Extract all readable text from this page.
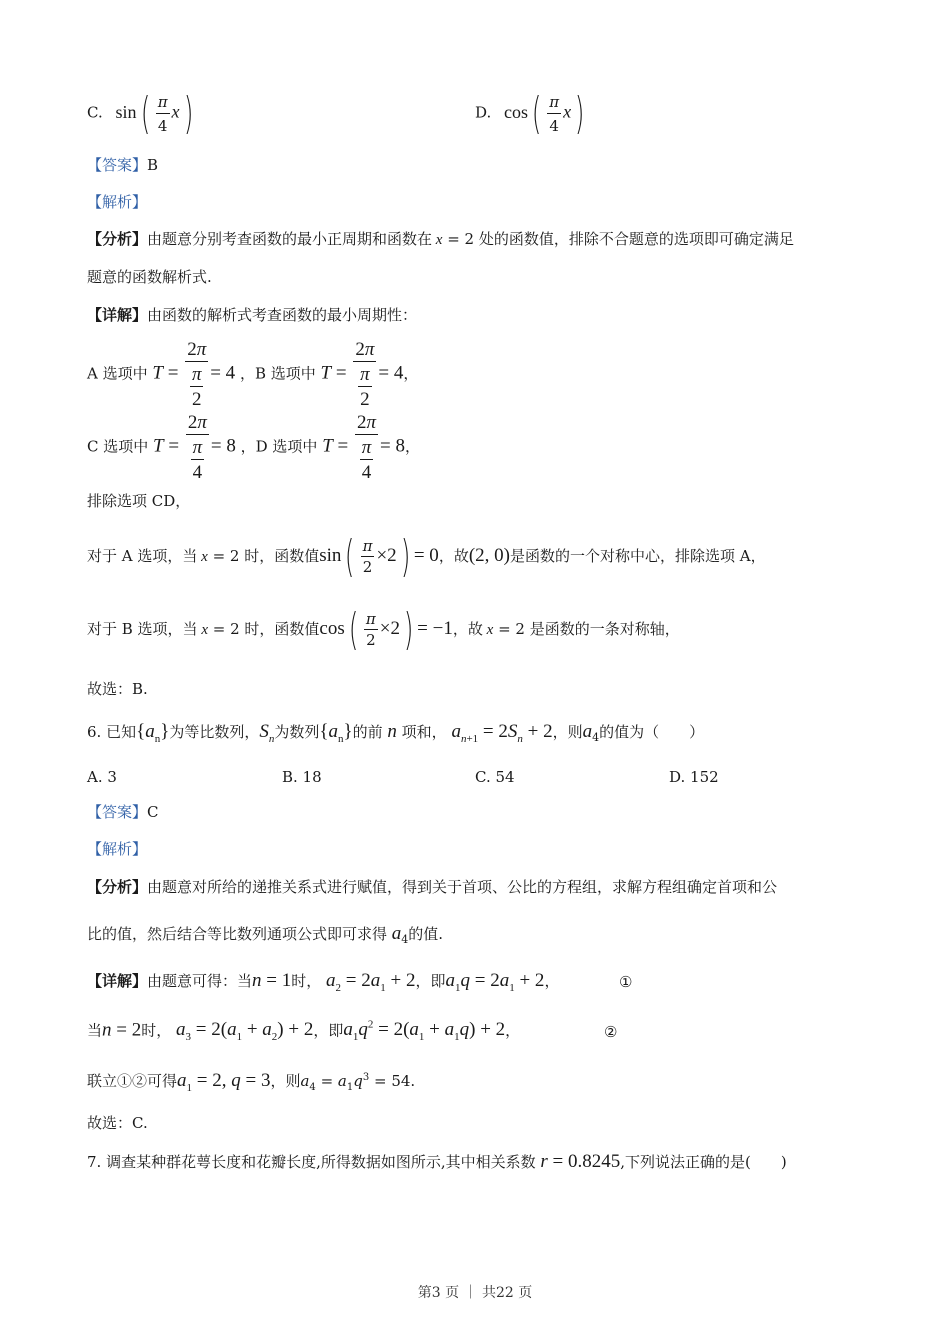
C. $\sin( \frac{\pi}{4} x)$	D. $\cos( \frac{\pi}{4} x)$
【答案】B
【解析】
【分析】由题意分别考查函数的最小正周期和函数在 x = 2 处的函数值，排除不合题意的选项即可确定满足
题意的函数解析式.
【详解】由函数的解析式考查函数的最小周期性：
A 选项中 $T = \frac{2\pi}{\frac{\pi}{2}} = 4$ ，B 选项中 $T = \frac{2\pi}{\frac{\pi}{2}} = 4$，
C 选项中 $T = \frac{2\pi}{\frac{\pi}{4}} = 8$ ，D 选项中 $T = \frac{2\pi}{\frac{\pi}{4}} = 8$，
排除选项 CD，
对于 A 选项，当 x = 2 时，函数值$\sin( \frac{\pi}{2} \times 2) = 0$，故(2, 0)是函数的一个对称中心，排除选项 A，
对于 B 选项，当 x = 2 时，函数值$\cos( \frac{\pi}{2} \times 2) = -1$，故 x = 2 是函数的一条对称轴，
故选：B.
6. 已知$\{a_n\}$为等比数列，$S_n$为数列$\{a_n\}$的前 n 项和， $a_{n+1} = 2S_n + 2$，则$a_4$的值为（　　）
A. 3	B. 18	C. 54	D. 152
【答案】C
【解析】
【分析】由题意对所给的递推关系式进行赋值，得到关于首项、公比的方程组，求解方程组确定首项和公
比的值，然后结合等比数列通项公式即可求得 $a_4$的值.
【详解】由题意可得：当n = 1时， $a_2 = 2a_1 + 2$，即$a_1q = 2a_1 + 2$，	①
当n = 2时， $a_3 = 2(a_1 + a_2) + 2$，即$a_1q^2 = 2(a_1 + a_1q) + 2$，	②
联立①②可得$a_1 = 2$, q = 3，则$a_4 = a_1q^3 = 54$.
故选：C.
7. 调查某种群花萼长度和花瓣长度,所得数据如图所示,其中相关系数 r = 0.8245,下列说法正确的是(　　)
第3 页 ｜ 共22 页
